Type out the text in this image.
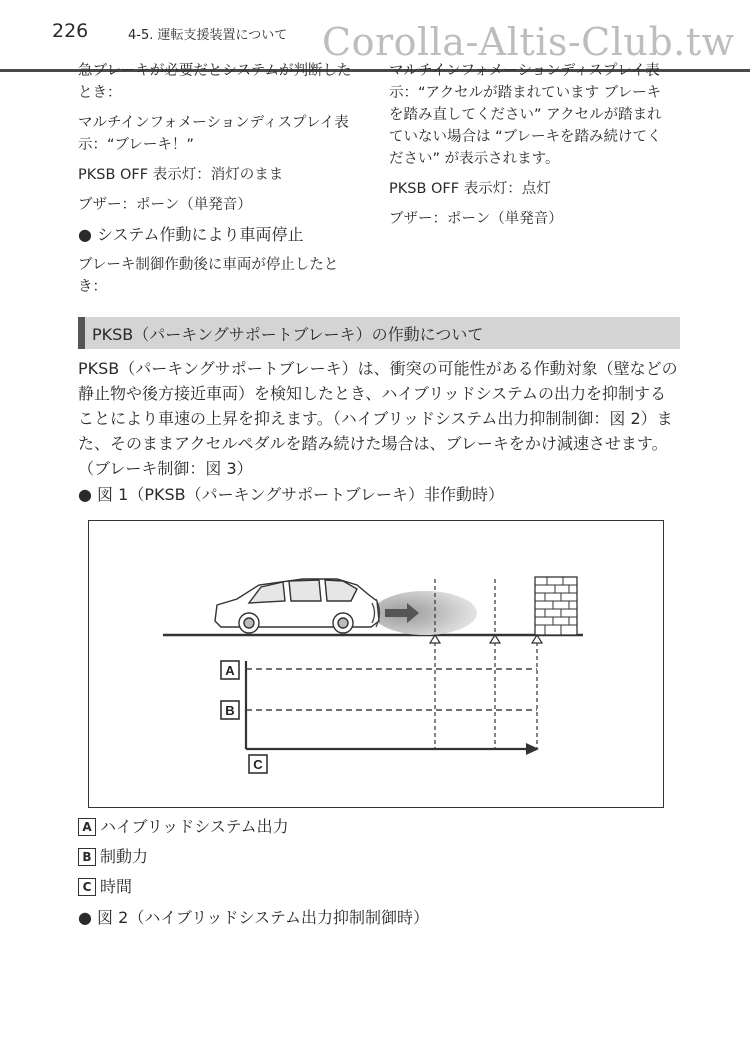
226	4-5. 運転支援装置について Corolla-Altis-Club.tw

急ブレーキが必要だとシステムが判断したとき：

マルチインフォメーションディスプレイ表示：“ブレーキ！”

PKSB OFF 表示灯：消灯のまま

ブザー：ポーン（単発音）

● システム作動により車両停止

ブレーキ制御作動後に車両が停止したとき：

マルチインフォメーションディスプレイ表示：“アクセルが踏まれています ブレーキを踏み直してください” アクセルが踏まれていない場合は “ブレーキを踏み続けてください” が表示されます。

PKSB OFF 表示灯：点灯

ブザー：ポーン（単発音）

PKSB（パーキングサポートブレーキ）の作動について

PKSB（パーキングサポートブレーキ）は、衝突の可能性がある作動対象（壁などの静止物や後方接近車両）を検知したとき、ハイブリッドシステムの出力を抑制することにより車速の上昇を抑えます。（ハイブリッドシステム出力抑制制御：図 2）また、そのままアクセルペダルを踏み続けた場合は、ブレーキをかけ減速させます。（ブレーキ制御：図 3）

● 図 1（PKSB（パーキングサポートブレーキ）非作動時）
A
B
C
A ハイブリッドシステム出力
B 制動力
C 時間
● 図 2（ハイブリッドシステム出力抑制制御時）
